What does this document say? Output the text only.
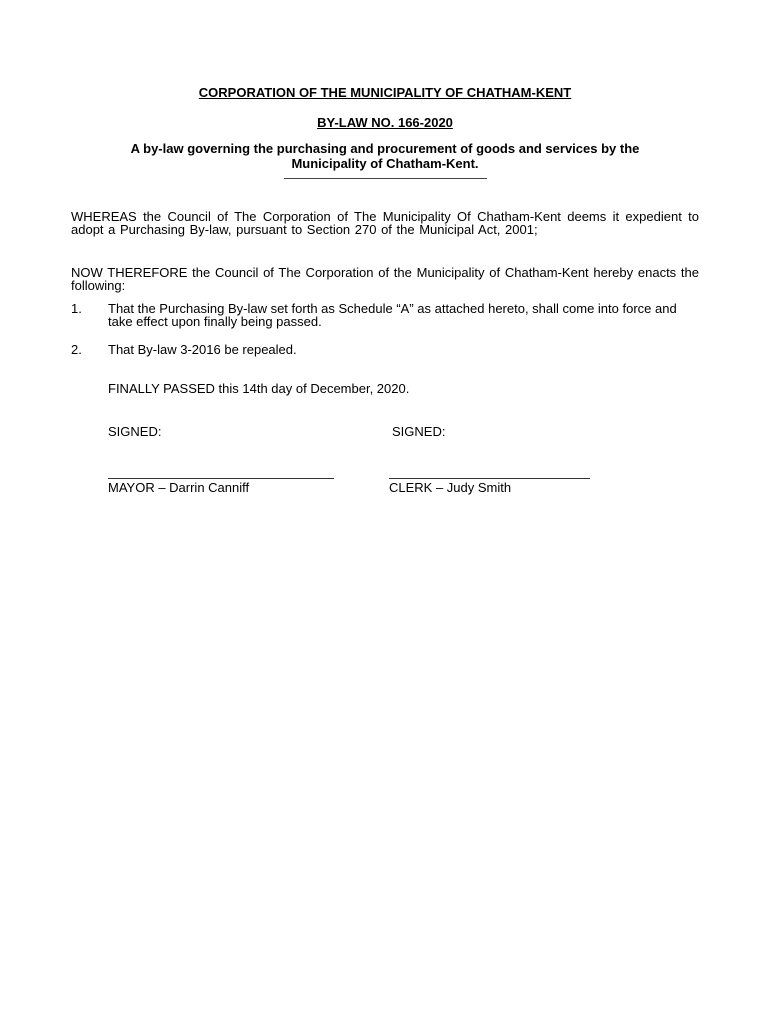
CORPORATION OF THE MUNICIPALITY OF CHATHAM-KENT
BY-LAW NO. 166-2020
A by-law governing the purchasing and procurement of goods and services by the
Municipality of Chatham-Kent.
WHEREAS the Council of The Corporation of The Municipality Of Chatham-Kent deems it expedient to adopt a Purchasing By-law, pursuant to Section 270 of the Municipal Act, 2001;
NOW THEREFORE the Council of The Corporation of the Municipality of Chatham-Kent hereby enacts the following:
1. That the Purchasing By-law set forth as Schedule “A” as attached hereto, shall come into force and take effect upon finally being passed.
2. That By-law 3-2016 be repealed.
FINALLY PASSED this 14th day of December, 2020.
SIGNED:	SIGNED:
MAYOR – Darrin Canniff	CLERK – Judy Smith
